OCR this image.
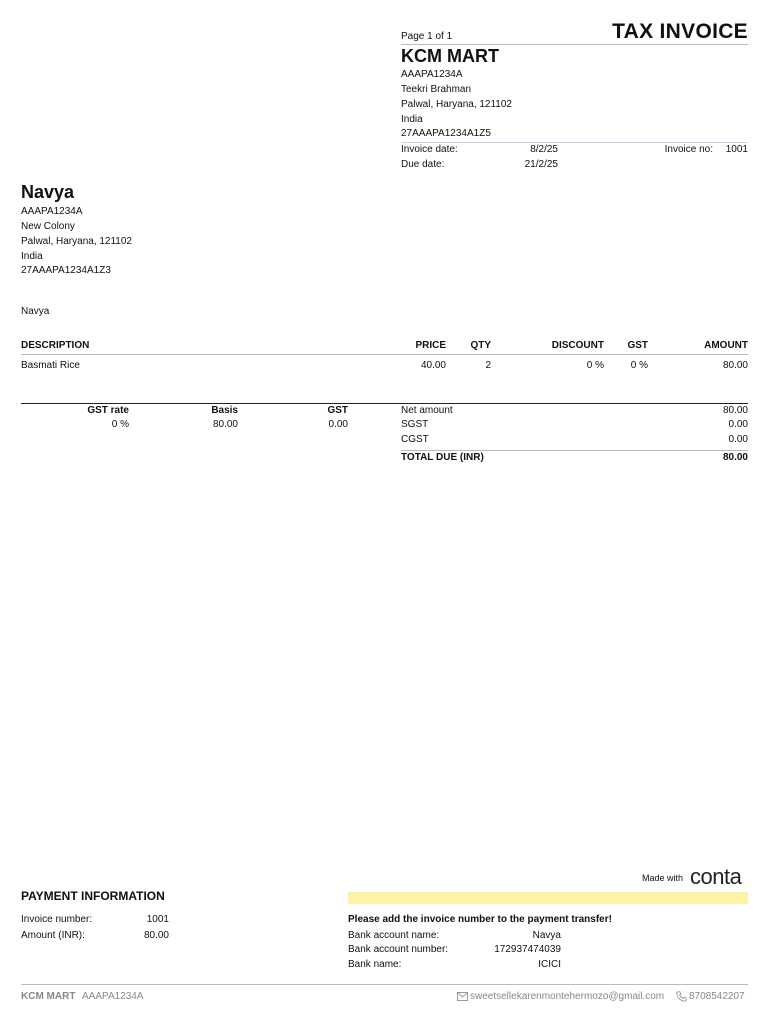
Page 1 of 1	TAX INVOICE
KCM MART
AAAPA1234A
Teekri Brahman
Palwal, Haryana, 121102
India
27AAAPA1234A1Z5
Invoice date:	8/2/25
Due date:	21/2/25
Invoice no:	1001
Navya
AAAPA1234A
New Colony
Palwal, Haryana, 121102
India
27AAAPA1234A1Z3
Navya
DESCRIPTION	PRICE	QTY	DISCOUNT	GST	AMOUNT
Basmati Rice	40.00	2	0 %	0 %	80.00
GST rate	Basis	GST
0 %	80.00	0.00
Net amount	80.00
SGST	0.00
CGST	0.00
TOTAL DUE (INR)	80.00
Made with conta
PAYMENT INFORMATION
Invoice number:	1001
Amount (INR):	80.00
Please add the invoice number to the payment transfer!
Bank account name:	Navya
Bank account number:	172937474039
Bank name:	ICICI
KCM MART AAAPA1234A	sweetsellekarenmontehermozo@gmail.com 8708542207
